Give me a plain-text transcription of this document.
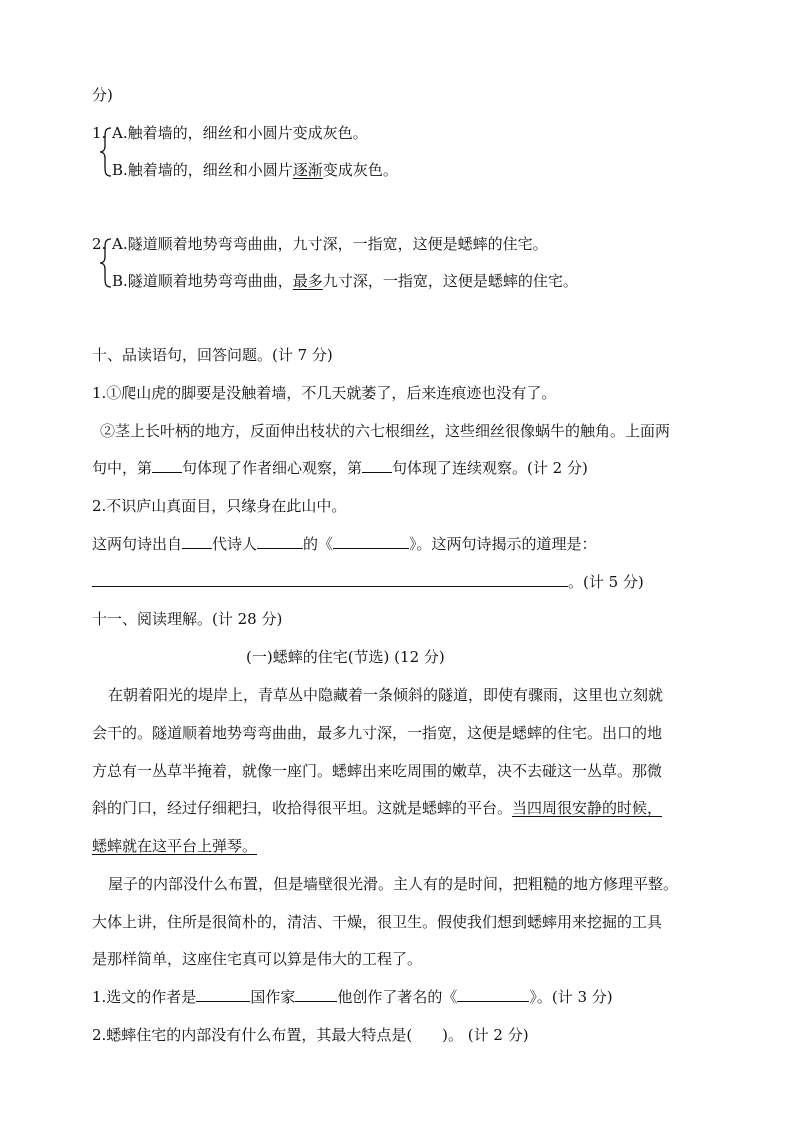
分)
1. A.触着墙的，细丝和小圆片变成灰色。
B.触着墙的，细丝和小圆片逐渐变成灰色。
2. A.隧道顺着地势弯弯曲曲，九寸深，一指宽，这便是蟋蟀的住宅。
B.隧道顺着地势弯弯曲曲，最多九寸深，一指宽，这便是蟋蟀的住宅。
十、品读语句，回答问题。(计 7 分)
1.①爬山虎的脚要是没触着墙，不几天就萎了，后来连痕迹也没有了。
②茎上长叶柄的地方，反面伸出枝状的六七根细丝，这些细丝很像蜗牛的触角。上面两
句中，第 句体现了作者细心观察，第 句体现了连续观察。(计 2 分)
2.不识庐山真面目，只缘身在此山中。
这两句诗出自 代诗人	的《	》。这两句诗揭示的道理是：
。(计 5 分)
十一、阅读理解。(计 28 分)
(一)蟋蟀的住宅(节选) (12 分)
在朝着阳光的堤岸上，青草丛中隐藏着一条倾斜的隧道，即使有骤雨，这里也立刻就
会干的。隧道顺着地势弯弯曲曲，最多九寸深，一指宽，这便是蟋蟀的住宅。出口的地
方总有一丛草半掩着，就像一座门。蟋蟀出来吃周围的嫩草，决不去碰这一丛草。那微
斜的门口，经过仔细耙扫，收拾得很平坦。这就是蟋蟀的平台。当四周很安静的时候，
蟋蟀就在这平台上弹琴。
屋子的内部没什么布置，但是墙壁很光滑。主人有的是时间，把粗糙的地方修理平整。
大体上讲，住所是很简朴的，清洁、干燥，很卫生。假使我们想到蟋蟀用来挖掘的工具
是那样简单，这座住宅真可以算是伟大的工程了。
1.选文的作者是	国作家	他创作了著名的《	》。(计 3 分)
2.蟋蟀住宅的内部没有什么布置，其最大特点是(　　)。 (计 2 分)
